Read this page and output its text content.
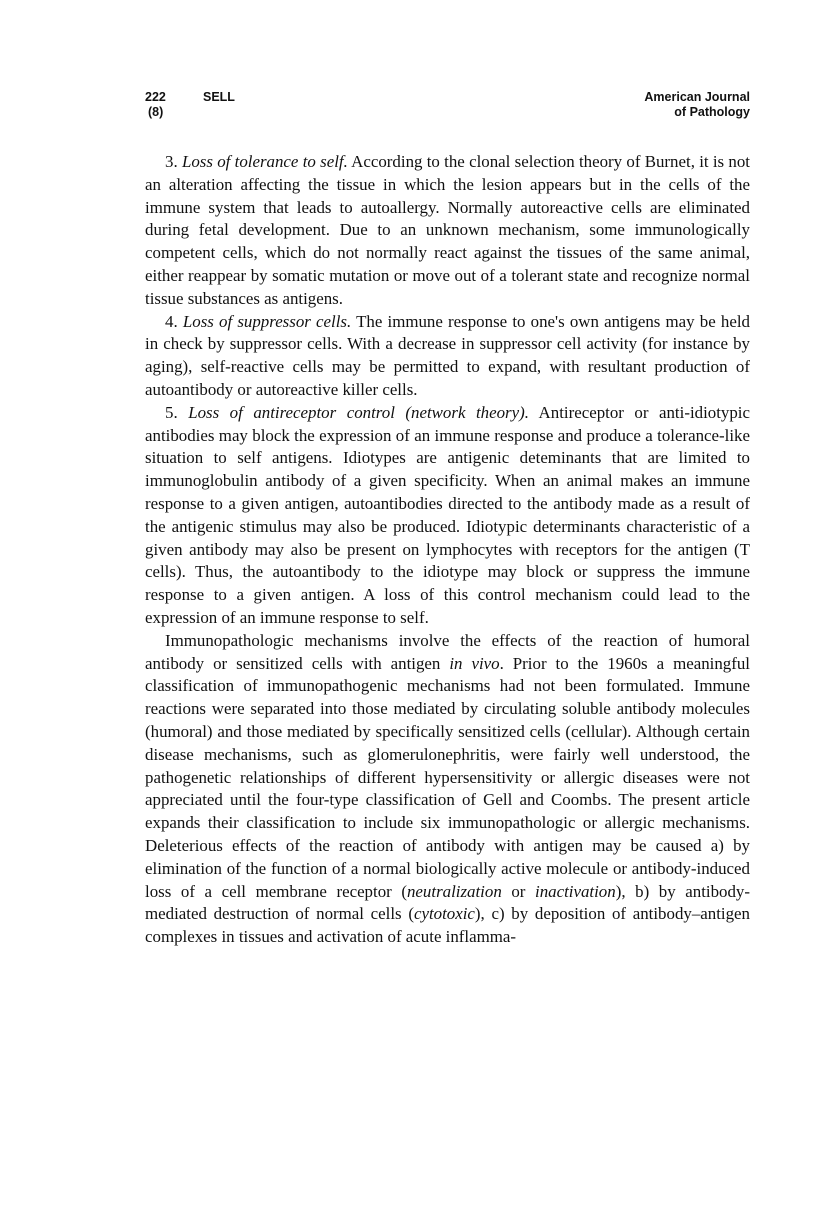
222	SELL
(8)
American Journal
of Pathology

3. Loss of tolerance to self. According to the clonal selection theory of Burnet, it is not an alteration affecting the tissue in which the lesion appears but in the cells of the immune system that leads to autoallergy. Normally autoreactive cells are eliminated during fetal development. Due to an unknown mechanism, some immunologically competent cells, which do not normally react against the tissues of the same animal, either reappear by somatic mutation or move out of a tolerant state and recognize normal tissue substances as antigens.

4. Loss of suppressor cells. The immune response to one's own antigens may be held in check by suppressor cells. With a decrease in suppressor cell activity (for instance by aging), self-reactive cells may be permitted to expand, with resultant production of autoantibody or autoreactive killer cells.

5. Loss of antireceptor control (network theory). Antireceptor or anti-idiotypic antibodies may block the expression of an immune response and produce a tolerance-like situation to self antigens. Idiotypes are antigenic deteminants that are limited to immunoglobulin antibody of a given specificity. When an animal makes an immune response to a given antigen, autoantibodies directed to the antibody made as a result of the antigenic stimulus may also be produced. Idiotypic determinants characteristic of a given antibody may also be present on lymphocytes with receptors for the antigen (T cells). Thus, the autoantibody to the idiotype may block or suppress the immune response to a given antigen. A loss of this control mechanism could lead to the expression of an immune response to self.

Immunopathologic mechanisms involve the effects of the reaction of humoral antibody or sensitized cells with antigen in vivo. Prior to the 1960s a meaningful classification of immunopathogenic mechanisms had not been formulated. Immune reactions were separated into those mediated by circulating soluble antibody molecules (humoral) and those mediated by specifically sensitized cells (cellular). Although certain disease mechanisms, such as glomerulonephritis, were fairly well understood, the pathogenetic relationships of different hypersensitivity or allergic diseases were not appreciated until the four-type classification of Gell and Coombs. The present article expands their classification to include six immunopathologic or allergic mechanisms. Deleterious effects of the reaction of antibody with antigen may be caused a) by elimination of the function of a normal biologically active molecule or antibody-induced loss of a cell membrane receptor (neutralization or inactivation), b) by antibody-mediated destruction of normal cells (cytotoxic), c) by deposition of antibody–antigen complexes in tissues and activation of acute inflamma-
